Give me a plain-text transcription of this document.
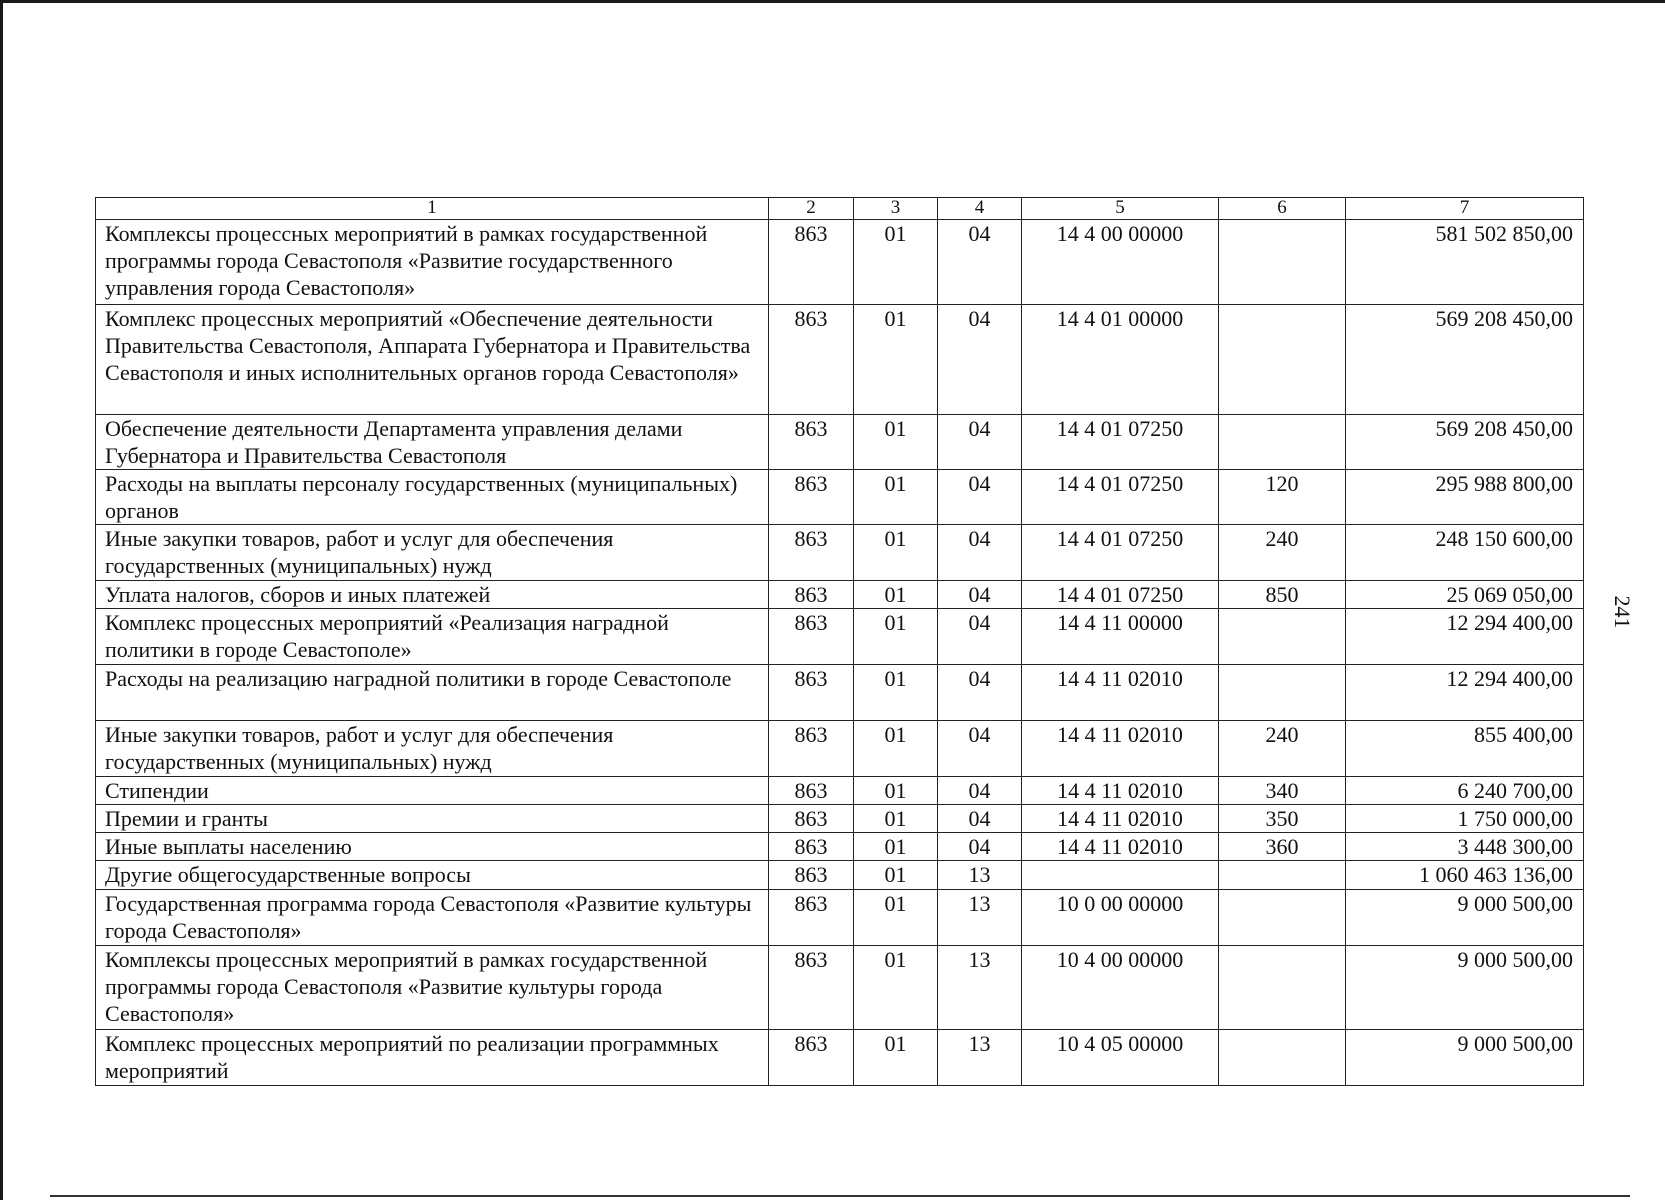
1	2	3	4	5	6	7
Комплексы процессных мероприятий в рамках государственной программы города Севастополя «Развитие государственного управления города Севастополя»	863	01	04	14 4 00 00000		581 502 850,00
Комплекс процессных мероприятий «Обеспечение деятельности Правительства Севастополя, Аппарата Губернатора и Правительства Севастополя и иных исполнительных органов города Севастополя»	863	01	04	14 4 01 00000		569 208 450,00
Обеспечение деятельности Департамента управления делами Губернатора и Правительства Севастополя	863	01	04	14 4 01 07250		569 208 450,00
Расходы на выплаты персоналу государственных (муниципальных) органов	863	01	04	14 4 01 07250	120	295 988 800,00
Иные закупки товаров, работ и услуг для обеспечения государственных (муниципальных) нужд	863	01	04	14 4 01 07250	240	248 150 600,00
Уплата налогов, сборов и иных платежей	863	01	04	14 4 01 07250	850	25 069 050,00
Комплекс процессных мероприятий «Реализация наградной политики в городе Севастополе»	863	01	04	14 4 11 00000		12 294 400,00
Расходы на реализацию наградной политики в городе Севастополе	863	01	04	14 4 11 02010		12 294 400,00
Иные закупки товаров, работ и услуг для обеспечения государственных (муниципальных) нужд	863	01	04	14 4 11 02010	240	855 400,00
Стипендии	863	01	04	14 4 11 02010	340	6 240 700,00
Премии и гранты	863	01	04	14 4 11 02010	350	1 750 000,00
Иные выплаты населению	863	01	04	14 4 11 02010	360	3 448 300,00
Другие общегосударственные вопросы	863	01	13			1 060 463 136,00
Государственная программа города Севастополя «Развитие культуры города Севастополя»	863	01	13	10 0 00 00000		9 000 500,00
Комплексы процессных мероприятий в рамках государственной программы города Севастополя «Развитие культуры города Севастополя»	863	01	13	10 4 00 00000		9 000 500,00
Комплекс процессных мероприятий по реализации программных мероприятий	863	01	13	10 4 05 00000		9 000 500,00
241
